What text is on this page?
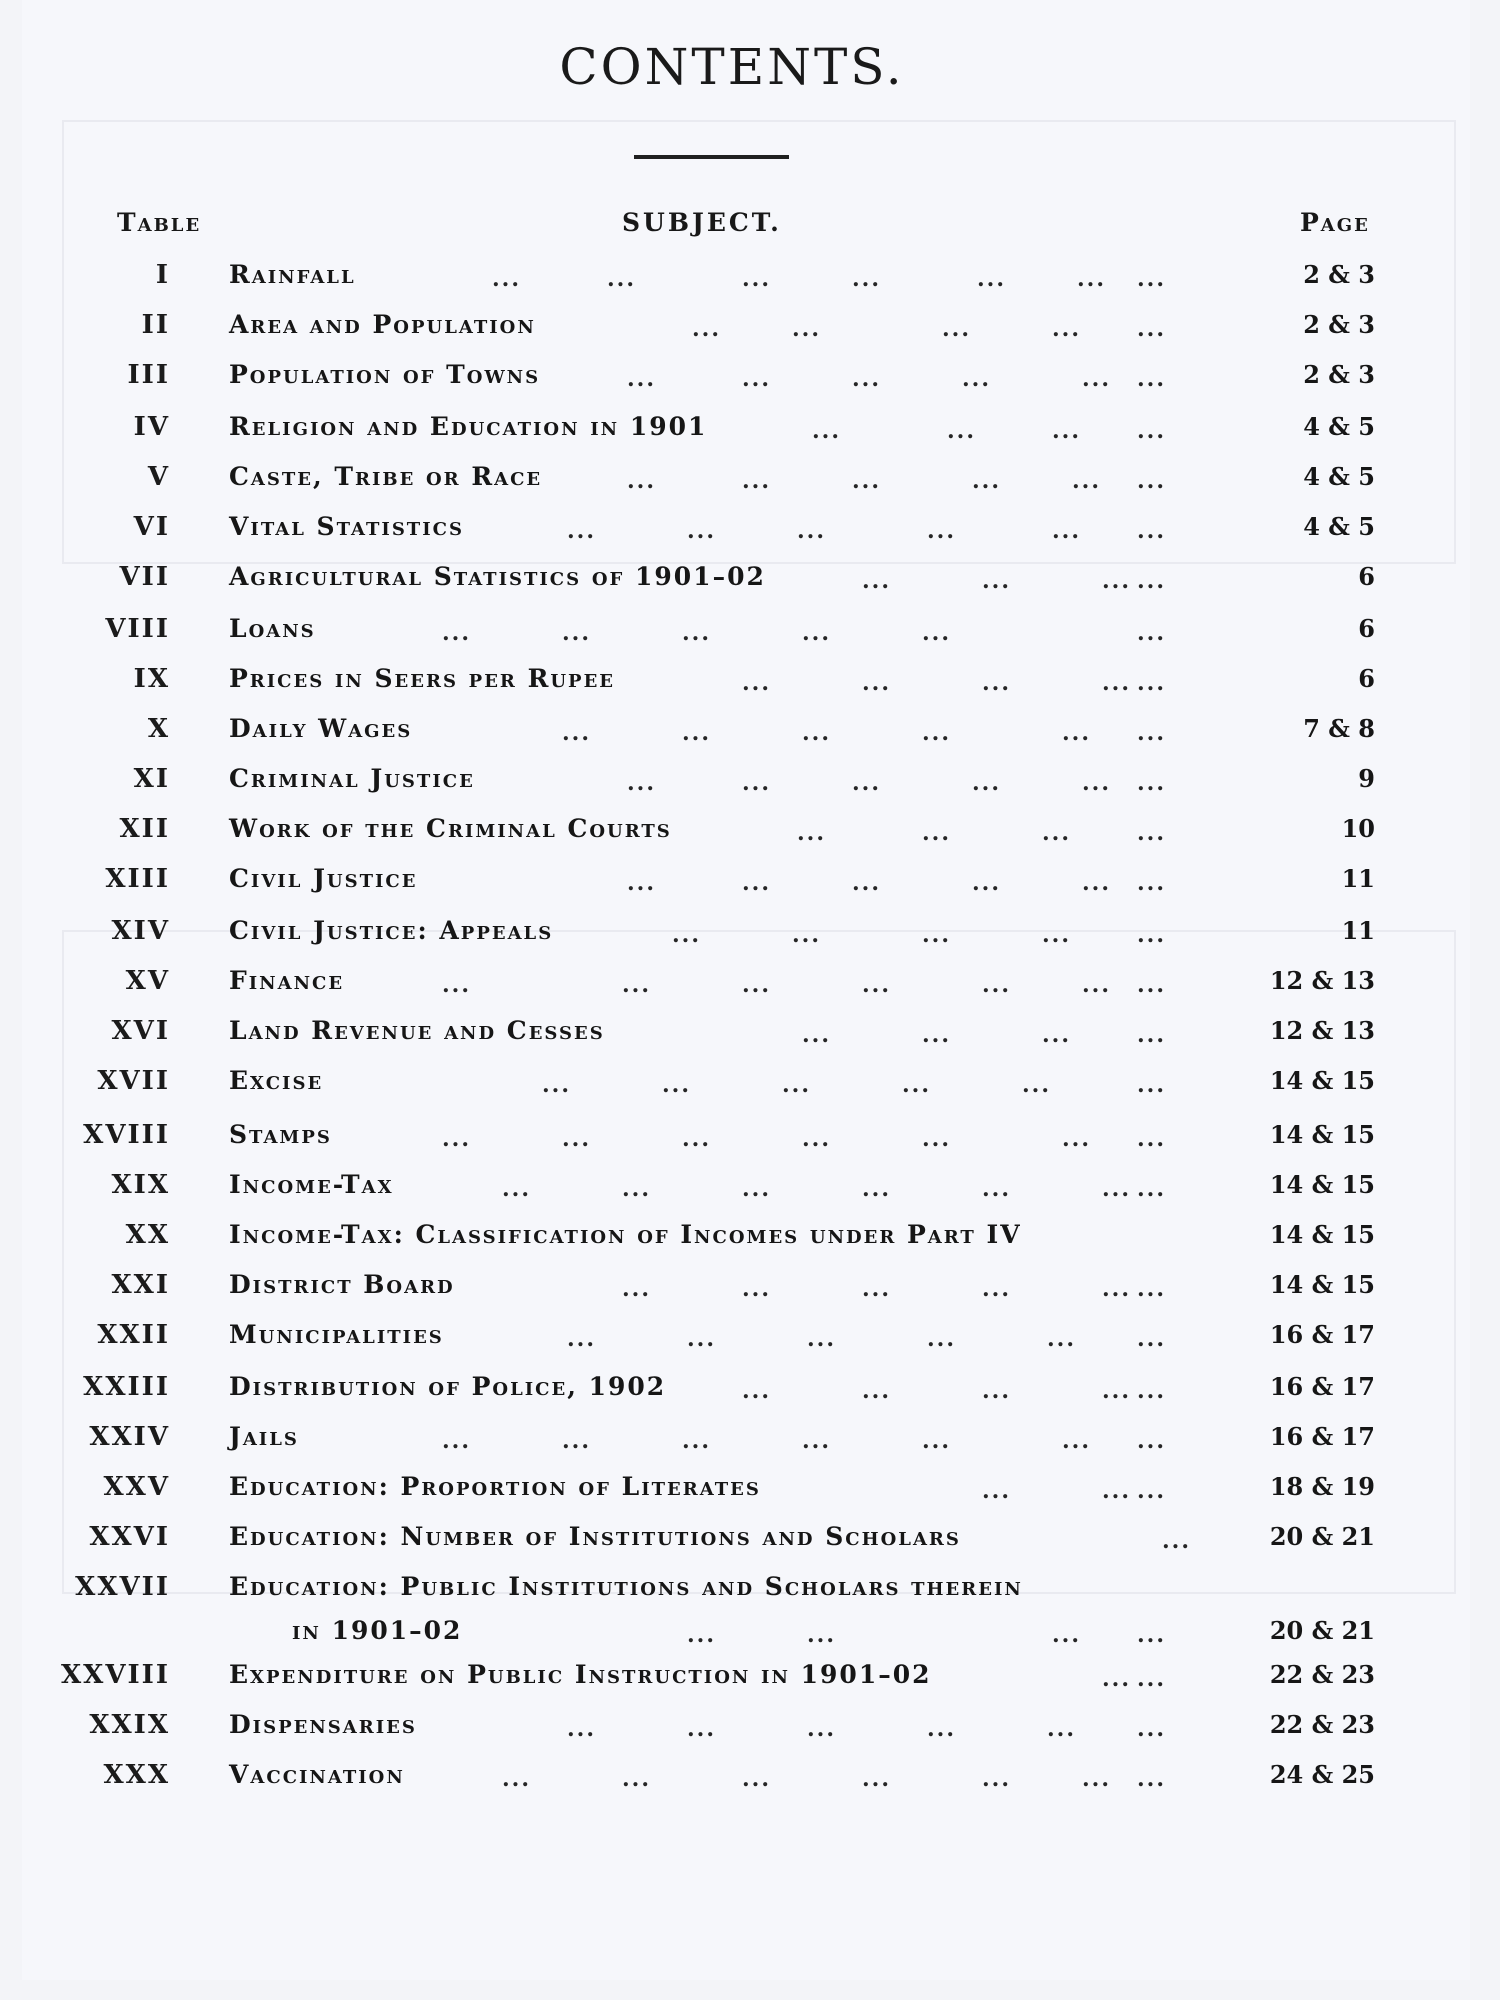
CONTENTS.
Table	SUBJECT.	Page
I Rainfall	...	...	...	...	...	... ...	2 & 3
II Area and Population	...	...	...	...	...	2 & 3
III Population of Towns	...	...	...	...	... ...	2 & 3
IV Religion and Education in 1901	...	...	...	...	4 & 5
V Caste, Tribe or Race	...	...	...	...	... ...	4 & 5
VI Vital Statistics	...	...	...	...	...	...	4 & 5
VII Agricultural Statistics of 1901–02	...	...	... ...	6
VIII Loans	...	...	...	...	...	...	6
IX Prices in Seers per Rupee	...	...	...	... ...	6
X Daily Wages	...	...	...	...	... ...	7 & 8
XI Criminal Justice	...	...	...	...	... ...	9
XII Work of the Criminal Courts	...	...	...	...	10
XIII Civil Justice	...	...	...	...	... ...	11
XIV Civil Justice: Appeals	...	...	...	...	...	11
XV Finance	...	...	...	...	...	... ...	12 & 13
XVI Land Revenue and Cesses	...	...	...	...	12 & 13
XVII Excise	...	...	...	...	...	...	14 & 15
XVIII Stamps	...	...	...	...	...	... ...	14 & 15
XIX Income-Tax	...	...	...	...	...	... ...	14 & 15
XX Income-Tax: Classification of Incomes under Part IV	14 & 15
XXI District Board	...	...	...	...	... ...	14 & 15
XXII Municipalities	...	...	...	...	...	...	16 & 17
XXIII Distribution of Police, 1902	...	...	...	... ...	16 & 17
XXIV Jails	...	...	...	...	...	... ...	16 & 17
XXV Education: Proportion of Literates	...	... ...	18 & 19
XXVI Education: Number of Institutions and Scholars	...	20 & 21
XXVII Education: Public Institutions and Scholars therein
in 1901–02	...	...	...	...	20 & 21
XXVIII Expenditure on Public Instruction in 1901–02	... ...	22 & 23
XXIX Dispensaries	...	...	...	...	...	...	22 & 23
XXX Vaccination	...	...	...	...	...	... ...	24 & 25
